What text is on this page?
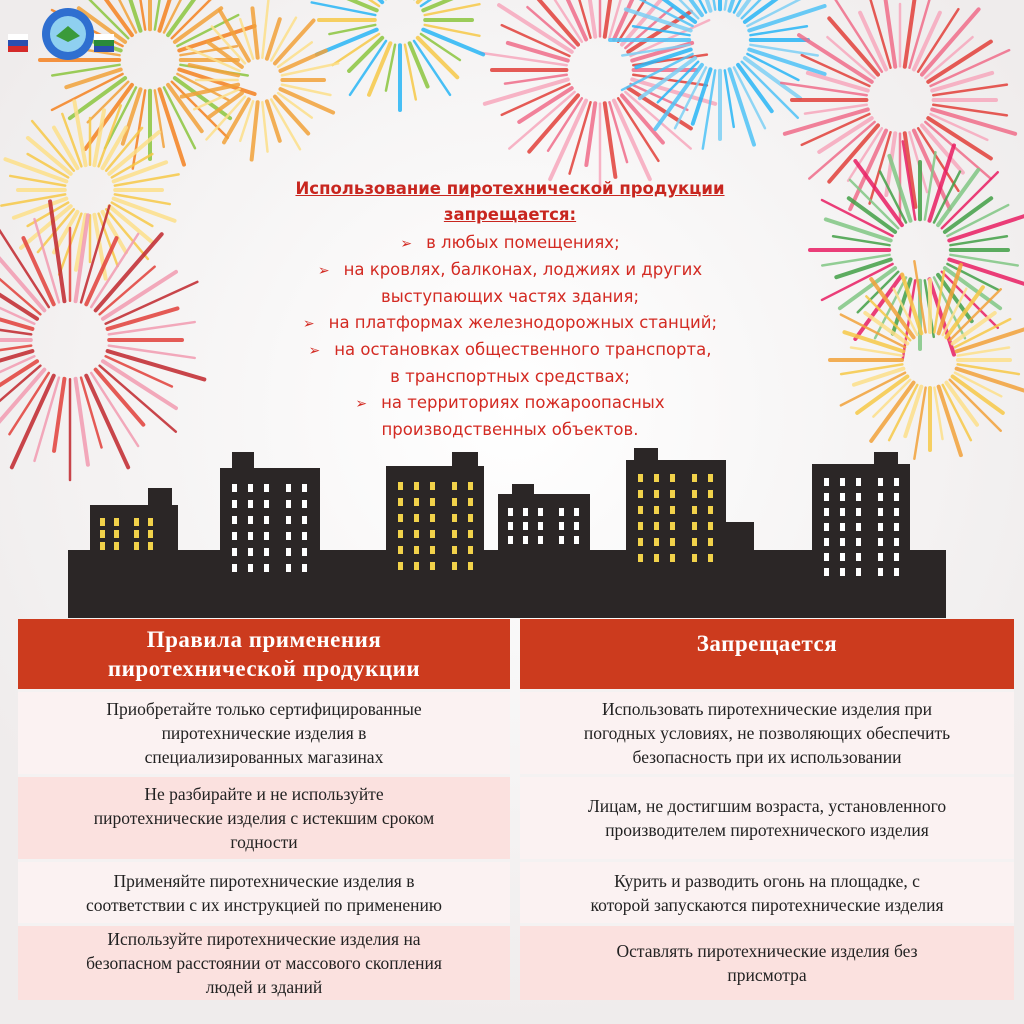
Использование пиротехнической продукции
запрещается:
➢ в любых помещениях;
➢ на кровлях, балконах, лоджиях и других
выступающих частях здания;
➢ на платформах железнодорожных станций;
➢ на остановках общественного транспорта,
в транспортных средствах;
➢ на территориях пожароопасных
производственных объектов.
Правила применения
пиротехнической продукции
Приобретайте только сертифицированные
пиротехнические изделия в
специализированных магазинах
Не разбирайте и не используйте
пиротехнические изделия с истекшим сроком
годности
Применяйте пиротехнические изделия в
соответствии с их инструкцией по применению
Используйте пиротехнические изделия на
безопасном расстоянии от массового скопления
людей и зданий
Запрещается
Использовать пиротехнические изделия при
погодных условиях, не позволяющих обеспечить
безопасность при их использовании
Лицам, не достигшим возраста, установленного
производителем пиротехнического изделия
Курить и разводить огонь на площадке, с
которой запускаются пиротехнические изделия
Оставлять пиротехнические изделия без
присмотра
